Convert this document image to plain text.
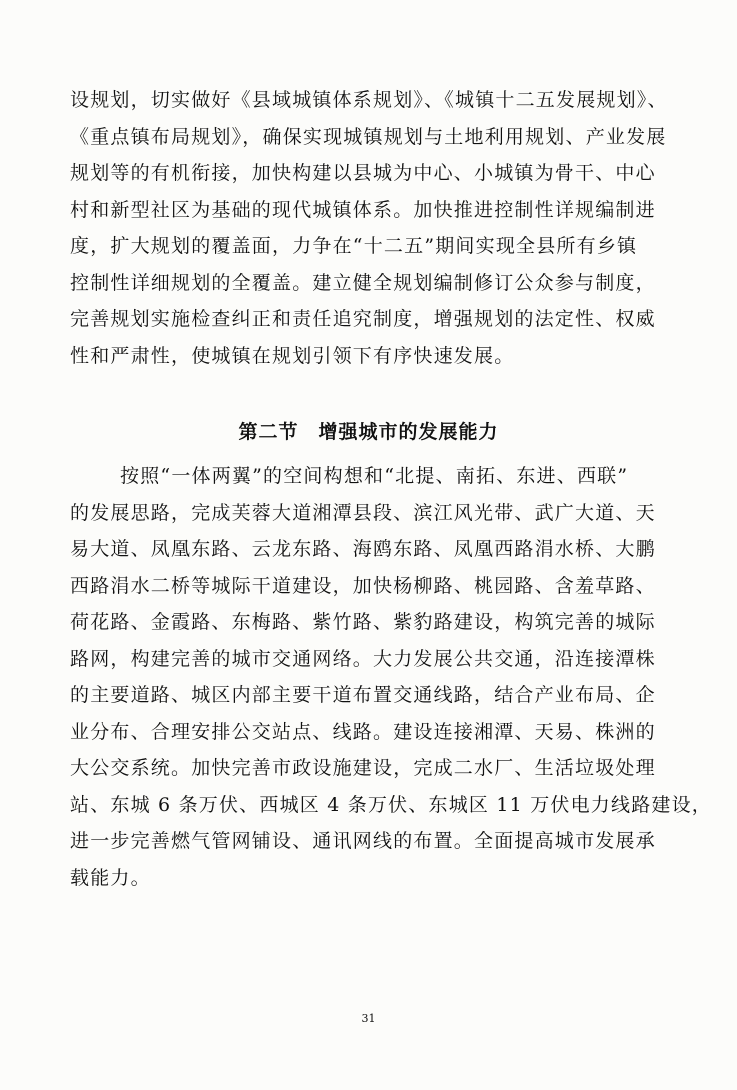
设规划，切实做好《县域城镇体系规划》、《城镇十二五发展规划》、
《重点镇布局规划》，确保实现城镇规划与土地利用规划、产业发展
规划等的有机衔接，加快构建以县城为中心、小城镇为骨干、中心
村和新型社区为基础的现代城镇体系。加快推进控制性详规编制进
度，扩大规划的覆盖面，力争在“十二五”期间实现全县所有乡镇
控制性详细规划的全覆盖。建立健全规划编制修订公众参与制度，
完善规划实施检查纠正和责任追究制度，增强规划的法定性、权威
性和严肃性，使城镇在规划引领下有序快速发展。
第二节　增强城市的发展能力
按照“一体两翼”的空间构想和“北提、南拓、东进、西联”
的发展思路，完成芙蓉大道湘潭县段、滨江风光带、武广大道、天
易大道、凤凰东路、云龙东路、海鸥东路、凤凰西路涓水桥、大鹏
西路涓水二桥等城际干道建设，加快杨柳路、桃园路、含羞草路、
荷花路、金霞路、东梅路、紫竹路、紫豹路建设，构筑完善的城际
路网，构建完善的城市交通网络。大力发展公共交通，沿连接潭株
的主要道路、城区内部主要干道布置交通线路，结合产业布局、企
业分布、合理安排公交站点、线路。建设连接湘潭、天易、株洲的
大公交系统。加快完善市政设施建设，完成二水厂、生活垃圾处理
站、东城 6 条万伏、西城区 4 条万伏、东城区 11 万伏电力线路建设，
进一步完善燃气管网铺设、通讯网线的布置。全面提高城市发展承
载能力。
31
